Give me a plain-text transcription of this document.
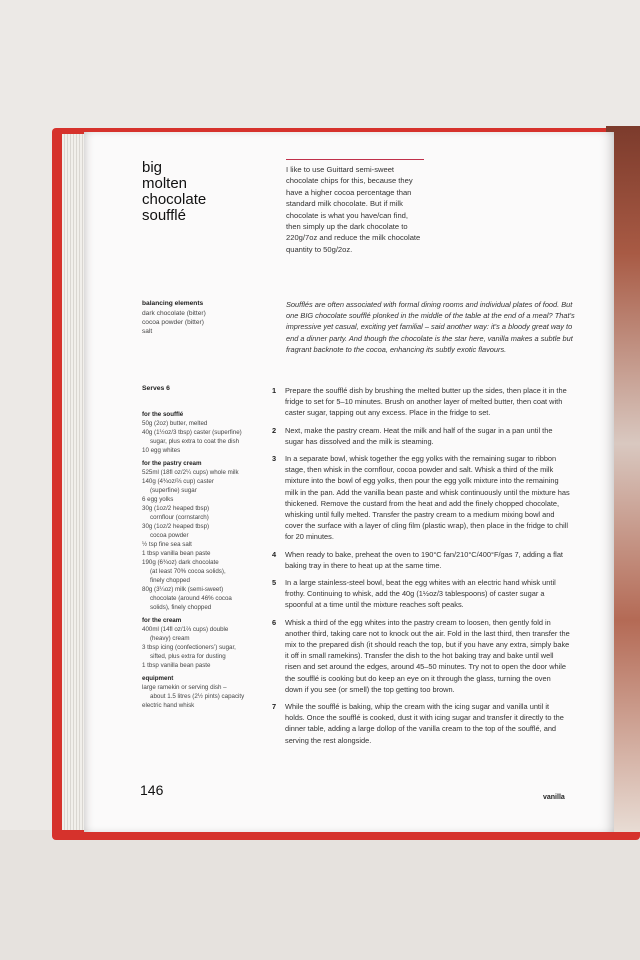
big
molten
chocolate
soufflé
I like to use Guittard semi-sweet chocolate chips for this, because they have a higher cocoa percentage than standard milk chocolate. But if milk chocolate is what you have/can find, then simply up the dark chocolate to 220g/7oz and reduce the milk chocolate quantity to 50g/2oz.
balancing elements
dark chocolate (bitter)
cocoa powder (bitter)
salt
Soufflés are often associated with formal dining rooms and individual plates of food. But one BIG chocolate soufflé plonked in the middle of the table at the end of a meal? That’s impressive yet casual, exciting yet familial – said another way: it’s a bloody great way to end a dinner party. And though the chocolate is the star here, vanilla makes a subtle but fragrant backnote to the cocoa, enhancing its subtly exotic flavours.
Serves 6
for the soufflé
50g (2oz) butter, melted
40g (1½oz/3 tbsp) caster (superfine)
sugar, plus extra to coat the dish
10 egg whites
for the pastry cream
525ml (18fl oz/2¼ cups) whole milk
140g (4¾oz/⅔ cup) caster
(superfine) sugar
6 egg yolks
30g (1oz/2 heaped tbsp)
cornflour (cornstarch)
30g (1oz/2 heaped tbsp)
cocoa powder
½ tsp fine sea salt
1 tbsp vanilla bean paste
190g (6¾oz) dark chocolate
(at least 70% cocoa solids),
finely chopped
80g (3¼oz) milk (semi-sweet)
chocolate (around 46% cocoa
solids), finely chopped
for the cream
400ml (14fl oz/1⅔ cups) double
(heavy) cream
3 tbsp icing (confectioners’) sugar,
sifted, plus extra for dusting
1 tbsp vanilla bean paste
equipment
large ramekin or serving dish –
about 1.5 litres (2½ pints) capacity
electric hand whisk
1 Prepare the soufflé dish by brushing the melted butter up the sides, then place it in the fridge to set for 5–10 minutes. Brush on another layer of melted butter, then coat with caster sugar, tapping out any excess. Place in the fridge to set.
2 Next, make the pastry cream. Heat the milk and half of the sugar in a pan until the sugar has dissolved and the milk is steaming.
3 In a separate bowl, whisk together the egg yolks with the remaining sugar to ribbon stage, then whisk in the cornflour, cocoa powder and salt. Whisk a third of the milk mixture into the bowl of egg yolks, then pour the egg yolk mixture into the remaining milk in the pan. Add the vanilla bean paste and whisk continuously until the mixture has thickened. Remove the custard from the heat and add the finely chopped chocolate, whisking until fully melted. Transfer the pastry cream to a medium mixing bowl and cover the surface with a layer of cling film (plastic wrap), then place in the fridge to chill for 20 minutes.
4 When ready to bake, preheat the oven to 190°C fan/210°C/400°F/gas 7, adding a flat baking tray in there to heat up at the same time.
5 In a large stainless-steel bowl, beat the egg whites with an electric hand whisk until frothy. Continuing to whisk, add the 40g (1½oz/3 tablespoons) of caster sugar a spoonful at a time until the mixture reaches soft peaks.
6 Whisk a third of the egg whites into the pastry cream to loosen, then gently fold in another third, taking care not to knock out the air. Fold in the last third, then transfer the mix to the prepared dish (it should reach the top, but if you have any extra, simply bake it off in small ramekins). Transfer the dish to the hot baking tray and bake until well risen and set around the edges, around 45–50 minutes. Try not to open the door while the soufflé is cooking but do keep an eye on it through the glass, turning the oven down if you see (or smell) the top getting too brown.
7 While the soufflé is baking, whip the cream with the icing sugar and vanilla until it holds. Once the soufflé is cooked, dust it with icing sugar and transfer it directly to the dinner table, adding a large dollop of the vanilla cream to the top of the soufflé, and serving the rest alongside.
146	vanilla
